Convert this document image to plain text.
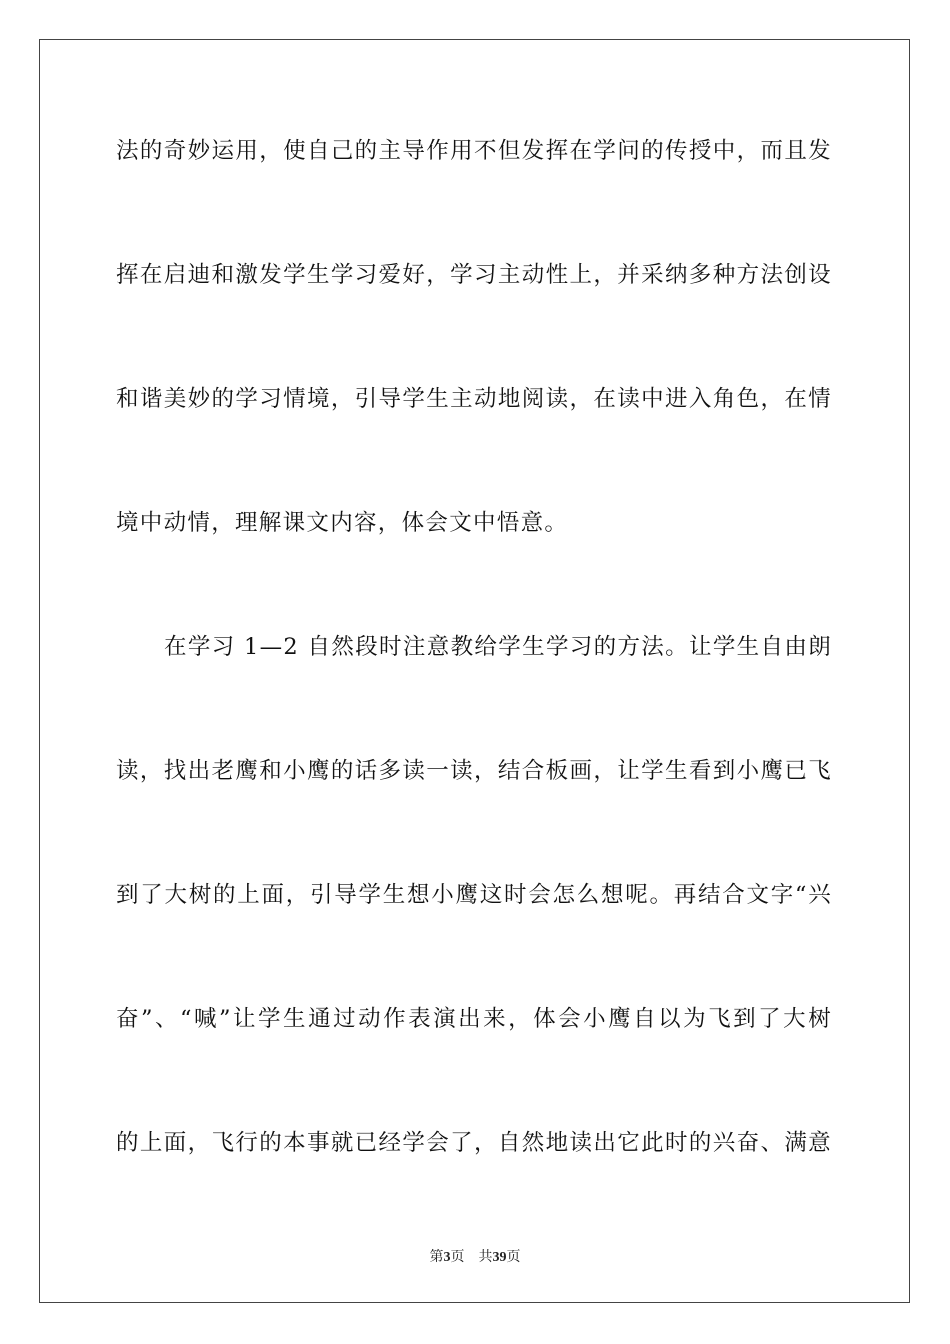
法的奇妙运用，使自己的主导作用不但发挥在学问的传授中，而且发

挥在启迪和激发学生学习爱好，学习主动性上，并采纳多种方法创设

和谐美妙的学习情境，引导学生主动地阅读，在读中进入角色，在情

境中动情，理解课文内容，体会文中悟意。

在学习 1—2 自然段时注意教给学生学习的方法。让学生自由朗

读，找出老鹰和小鹰的话多读一读，结合板画，让学生看到小鹰已飞

到了大树的上面，引导学生想小鹰这时会怎么想呢。再结合文字“兴

奋”、“喊”让学生通过动作表演出来，体会小鹰自以为飞到了大树

的上面，飞行的本事就已经学会了，自然地读出它此时的兴奋、满意

第3页 共39页
